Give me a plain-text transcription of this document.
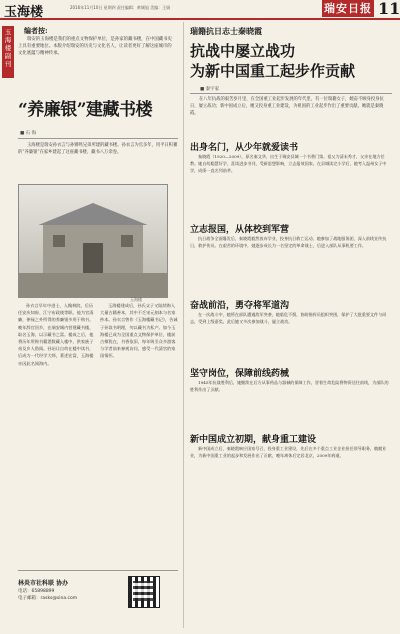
玉海楼	2016年11月10日 星期四 责任编辑：黄城旭 美编：王娟	瑞安日报 11
玉海楼副刊
编者按:

瑞安的玉海楼是我们的重点文物保护单位，是孙家的藏书楼，在中国藏书史上具有重要地位。本版介绍瑞安的历史与文化名人，让读者更好了解这座城市的文化底蕴与精神传承。

“养廉银”建藏书楼
■ 石 海

玉海楼是瑞安孙衣言与孙锵鸣兄弟所建的藏书楼。孙衣言为官多年，用平日积蓄的“养廉银”在家乡建起了这座藏书楼，藏书八万余卷。

玉海楼

孙衣言早年中进士，入翰林院，后历任安庆知府、江宁布政使等职。他为官清廉，俸禄之外所得的养廉银多用于购书。晚年辞官回乡，在瑞安城内营建藏书楼，取名玉海，以示藏书之富。楼成之后，他将历年所购书籍悉数藏入楼中，供家族子弟及乡人借阅。孙诒让自幼在楼中读书，后成为一代经学大师，著述宏富，玉海楼亦因此名闻海内。

玉海楼建成后，孙氏父子又陆续购入大量古籍善本，其中不乏宋元刻本与名家抄本。孙衣言曾作《玉海楼藏书记》，告诫子孙读书明理，勿以藏书为私产。如今玉海楼已成为全国重点文物保护单位，楼前古樟犹在，书香依旧，每年吸引众多游客与学者前来参观访问，感受一代清官的家国情怀。

林炎市社科联 协办
电话：65898899
电子邮箱：rasks@sina.com
瑞籍抗日志士秦晓霞
抗战中屡立战功
为新中国重工起步作贡献
■ 秦宇家

在八年抗战的艰苦岁月里，在全国重工业起步发展的年代里，有一位瑞籍女子，她奋不顾身投身抗日，屡立战功；新中国成立后，她又投身重工业建设，为祖国的工业起步作出了重要贡献。她就是秦晓霞。

出身名门，从少年就爱读书

秦晓霞（1920—2009），原名秦文华，出生于瑞安县城一个书香门第。祖父为清末秀才，父亲在地方任教。她自幼聪慧好学，喜读进步书刊，受新思想影响，立志报效国家。在县城读完小学后，她考入温州女子中学，成绩一直名列前茅。

立志报国，从体校到军营

抗日战争全面爆发后，秦晓霞毅然放弃学业，投身抗日救亡运动。她参加了战地服务团，深入前线宣传抗日，救护伤员。在艰苦的环境中，她逐步成长为一名坚定的革命战士，后进入部队从事机要工作。

奋战前沿，勇夺将军道沟

在一次战斗中，她所在部队遭遇敌军突袭，她临危不惧，协助指挥员组织突围，保护了大批重要文件与同志，受到上级嘉奖。此后她又多次参加战斗，屡立战功。

坚守岗位，保障前线药械

1945年抗战胜利后，她继续在后方从事药品与器械的保障工作，冒着生命危险将物资送往前线，为部队的胜利作出了贡献。

新中国成立初期，献身重工建设

新中国成立后，秦晓霞响应国家号召，投身重工业建设，先后在多个重点工业企业担任领导职务，兢兢业业，为新中国重工业的起步和发展作出了贡献，晚年离休后定居北京，2009年病逝。
